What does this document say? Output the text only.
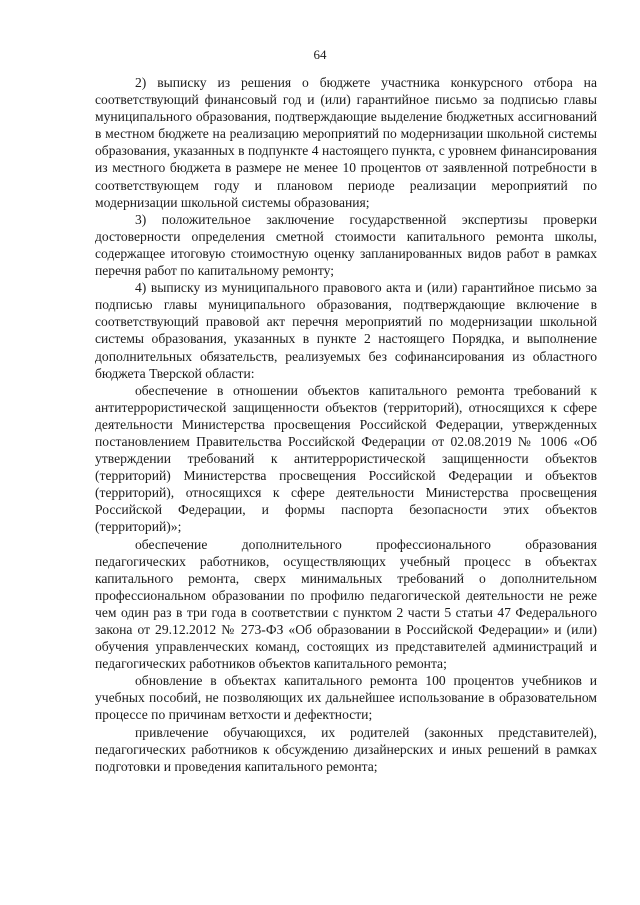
64

2) выписку из решения о бюджете участника конкурсного отбора на соответствующий финансовый год и (или) гарантийное письмо за подписью главы муниципального образования, подтверждающие выделение бюджетных ассигнований в местном бюджете на реализацию мероприятий по модернизации школьной системы образования, указанных в подпункте 4 настоящего пункта, с уровнем финансирования из местного бюджета в размере не менее 10 процентов от заявленной потребности в соответствующем году и плановом периоде реализации мероприятий по модернизации школьной системы образования;

3) положительное заключение государственной экспертизы проверки достоверности определения сметной стоимости капитального ремонта школы, содержащее итоговую стоимостную оценку запланированных видов работ в рамках перечня работ по капитальному ремонту;

4) выписку из муниципального правового акта и (или) гарантийное письмо за подписью главы муниципального образования, подтверждающие включение в соответствующий правовой акт перечня мероприятий по модернизации школьной системы образования, указанных в пункте 2 настоящего Порядка, и выполнение дополнительных обязательств, реализуемых без софинансирования из областного бюджета Тверской области:

обеспечение в отношении объектов капитального ремонта требований к антитеррористической защищенности объектов (территорий), относящихся к сфере деятельности Министерства просвещения Российской Федерации, утвержденных постановлением Правительства Российской Федерации от 02.08.2019 № 1006 «Об утверждении требований к антитеррористической защищенности объектов (территорий) Министерства просвещения Российской Федерации и объектов (территорий), относящихся к сфере деятельности Министерства просвещения Российской Федерации, и формы паспорта безопасности этих объектов (территорий)»;

обеспечение дополнительного профессионального образования педагогических работников, осуществляющих учебный процесс в объектах капитального ремонта, сверх минимальных требований о дополнительном профессиональном образовании по профилю педагогической деятельности не реже чем один раз в три года в соответствии с пунктом 2 части 5 статьи 47 Федерального закона от 29.12.2012 № 273-ФЗ «Об образовании в Российской Федерации» и (или) обучения управленческих команд, состоящих из представителей администраций и педагогических работников объектов капитального ремонта;

обновление в объектах капитального ремонта 100 процентов учебников и учебных пособий, не позволяющих их дальнейшее использование в образовательном процессе по причинам ветхости и дефектности;

привлечение обучающихся, их родителей (законных представителей), педагогических работников к обсуждению дизайнерских и иных решений в рамках подготовки и проведения капитального ремонта;
